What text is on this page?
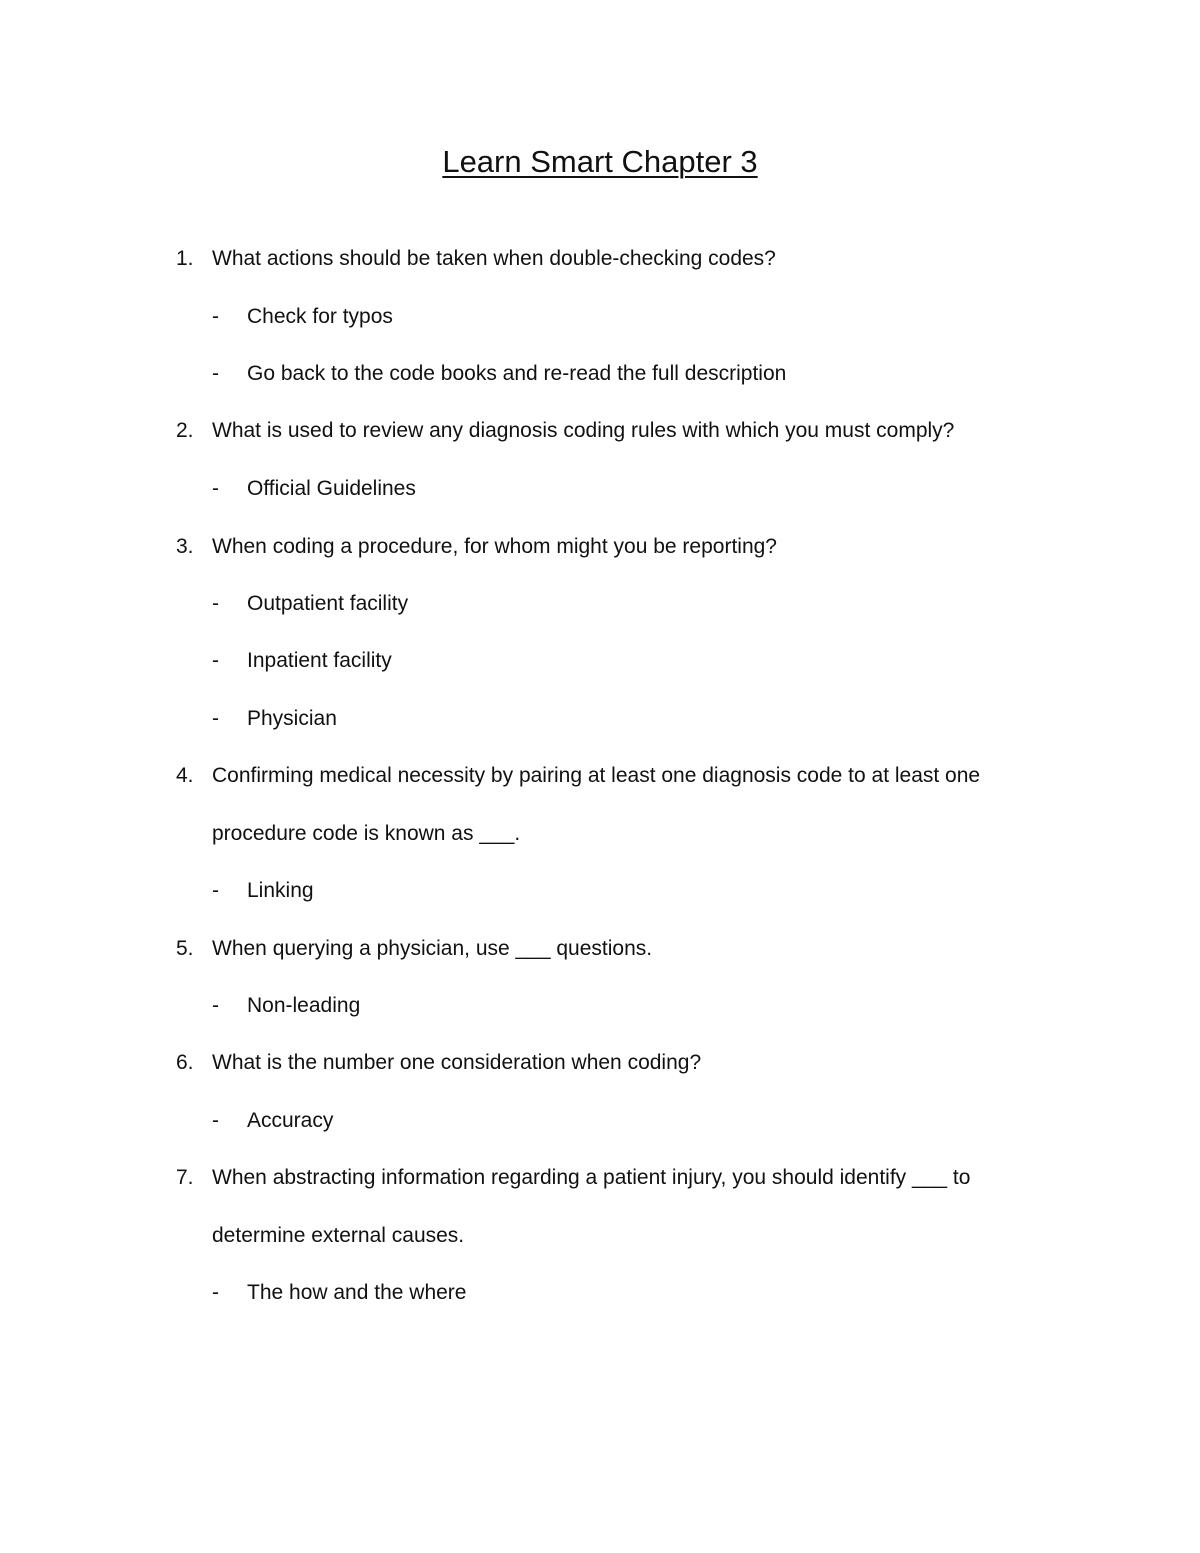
Learn Smart Chapter 3
1. What actions should be taken when double-checking codes?
- Check for typos
- Go back to the code books and re-read the full description
2. What is used to review any diagnosis coding rules with which you must comply?
- Official Guidelines
3. When coding a procedure, for whom might you be reporting?
- Outpatient facility
- Inpatient facility
- Physician
4. Confirming medical necessity by pairing at least one diagnosis code to at least one
procedure code is known as ___.
- Linking
5. When querying a physician, use ___ questions.
- Non-leading
6. What is the number one consideration when coding?
- Accuracy
7. When abstracting information regarding a patient injury, you should identify ___ to
determine external causes.
- The how and the where
